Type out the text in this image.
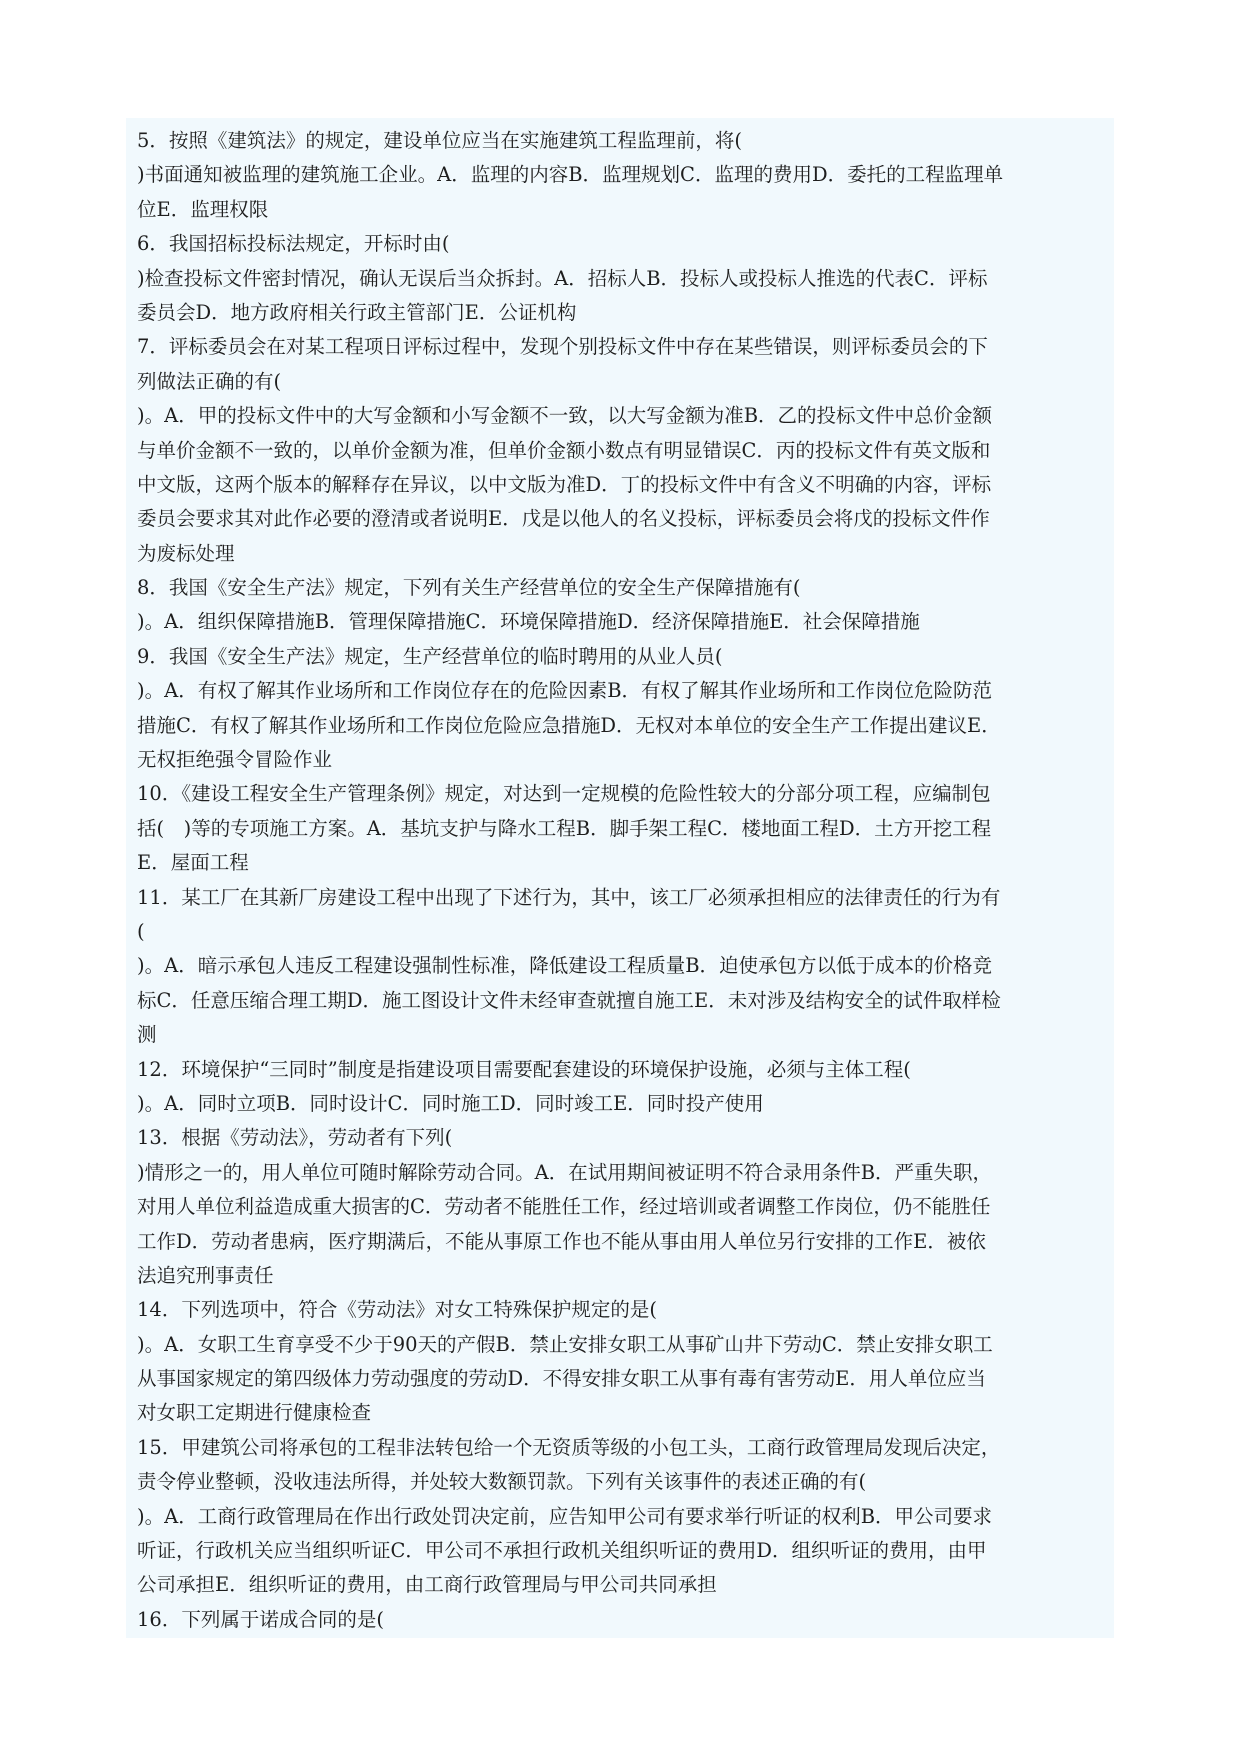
5．按照《建筑法》的规定，建设单位应当在实施建筑工程监理前，将(
)书面通知被监理的建筑施工企业。A．监理的内容B．监理规划C．监理的费用D．委托的工程监理单
位E．监理权限
6．我国招标投标法规定，开标时由(
)检查投标文件密封情况，确认无误后当众拆封。A．招标人B．投标人或投标人推选的代表C．评标
委员会D．地方政府相关行政主管部门E．公证机构
7．评标委员会在对某工程项日评标过程中，发现个别投标文件中存在某些错误，则评标委员会的下
列做法正确的有(
)。A．甲的投标文件中的大写金额和小写金额不一致，以大写金额为准B．乙的投标文件中总价金额
与单价金额不一致的，以单价金额为准，但单价金额小数点有明显错误C．丙的投标文件有英文版和
中文版，这两个版本的解释存在异议，以中文版为准D．丁的投标文件中有含义不明确的内容，评标
委员会要求其对此作必要的澄清或者说明E．戊是以他人的名义投标，评标委员会将戊的投标文件作
为废标处理
8．我国《安全生产法》规定，下列有关生产经营单位的安全生产保障措施有(
)。A．组织保障措施B．管理保障措施C．环境保障措施D．经济保障措施E．社会保障措施
9．我国《安全生产法》规定，生产经营单位的临时聘用的从业人员(
)。A．有权了解其作业场所和工作岗位存在的危险因素B．有权了解其作业场所和工作岗位危险防范
措施C．有权了解其作业场所和工作岗位危险应急措施D．无权对本单位的安全生产工作提出建议E．
无权拒绝强令冒险作业
10．《建设工程安全生产管理条例》规定，对达到一定规模的危险性较大的分部分项工程，应编制包
括(　)等的专项施工方案。A．基坑支护与降水工程B．脚手架工程C．楼地面工程D．土方开挖工程
E．屋面工程
11．某工厂在其新厂房建设工程中出现了下述行为，其中，该工厂必须承担相应的法律责任的行为有
(
)。A．暗示承包人违反工程建设强制性标准，降低建设工程质量B．迫使承包方以低于成本的价格竞
标C．任意压缩合理工期D．施工图设计文件未经审查就擅自施工E．未对涉及结构安全的试件取样检
测
12．环境保护“三同时”制度是指建设项目需要配套建设的环境保护设施，必须与主体工程(
)。A．同时立项B．同时设计C．同时施工D．同时竣工E．同时投产使用
13．根据《劳动法》，劳动者有下列(
)情形之一的，用人单位可随时解除劳动合同。A．在试用期间被证明不符合录用条件B．严重失职，
对用人单位利益造成重大损害的C．劳动者不能胜任工作，经过培训或者调整工作岗位，仍不能胜任
工作D．劳动者患病，医疗期满后，不能从事原工作也不能从事由用人单位另行安排的工作E．被依
法追究刑事责任
14．下列选项中，符合《劳动法》对女工特殊保护规定的是(
)。A．女职工生育享受不少于90天的产假B．禁止安排女职工从事矿山井下劳动C．禁止安排女职工
从事国家规定的第四级体力劳动强度的劳动D．不得安排女职工从事有毒有害劳动E．用人单位应当
对女职工定期进行健康检查
15．甲建筑公司将承包的工程非法转包给一个无资质等级的小包工头，工商行政管理局发现后决定，
责令停业整顿，没收违法所得，并处较大数额罚款。下列有关该事件的表述正确的有(
)。A．工商行政管理局在作出行政处罚决定前，应告知甲公司有要求举行听证的权利B．甲公司要求
听证，行政机关应当组织听证C．甲公司不承担行政机关组织听证的费用D．组织听证的费用，由甲
公司承担E．组织听证的费用，由工商行政管理局与甲公司共同承担
16．下列属于诺成合同的是(
